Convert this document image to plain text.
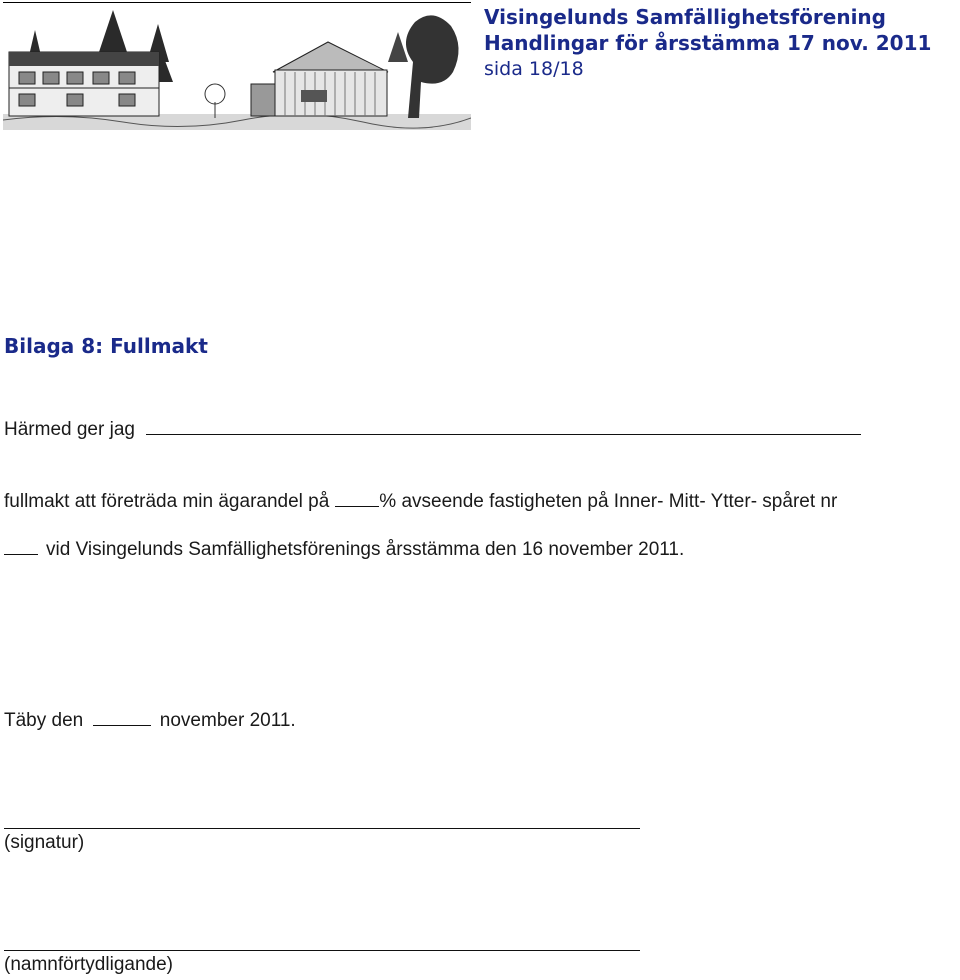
Visingelunds Samfällighetsförening
Handlingar för årsstämma 17 nov. 2011
sida 18/18
Bilaga 8: Fullmakt
Härmed ger jag
fullmakt att företräda min ägarandel på	% avseende fastigheten på Inner- Mitt- Ytter- spåret nr
vid Visingelunds Samfällighetsförenings årsstämma den 16 november 2011.
Täby den	november 2011.
(signatur)
(namnförtydligande)
